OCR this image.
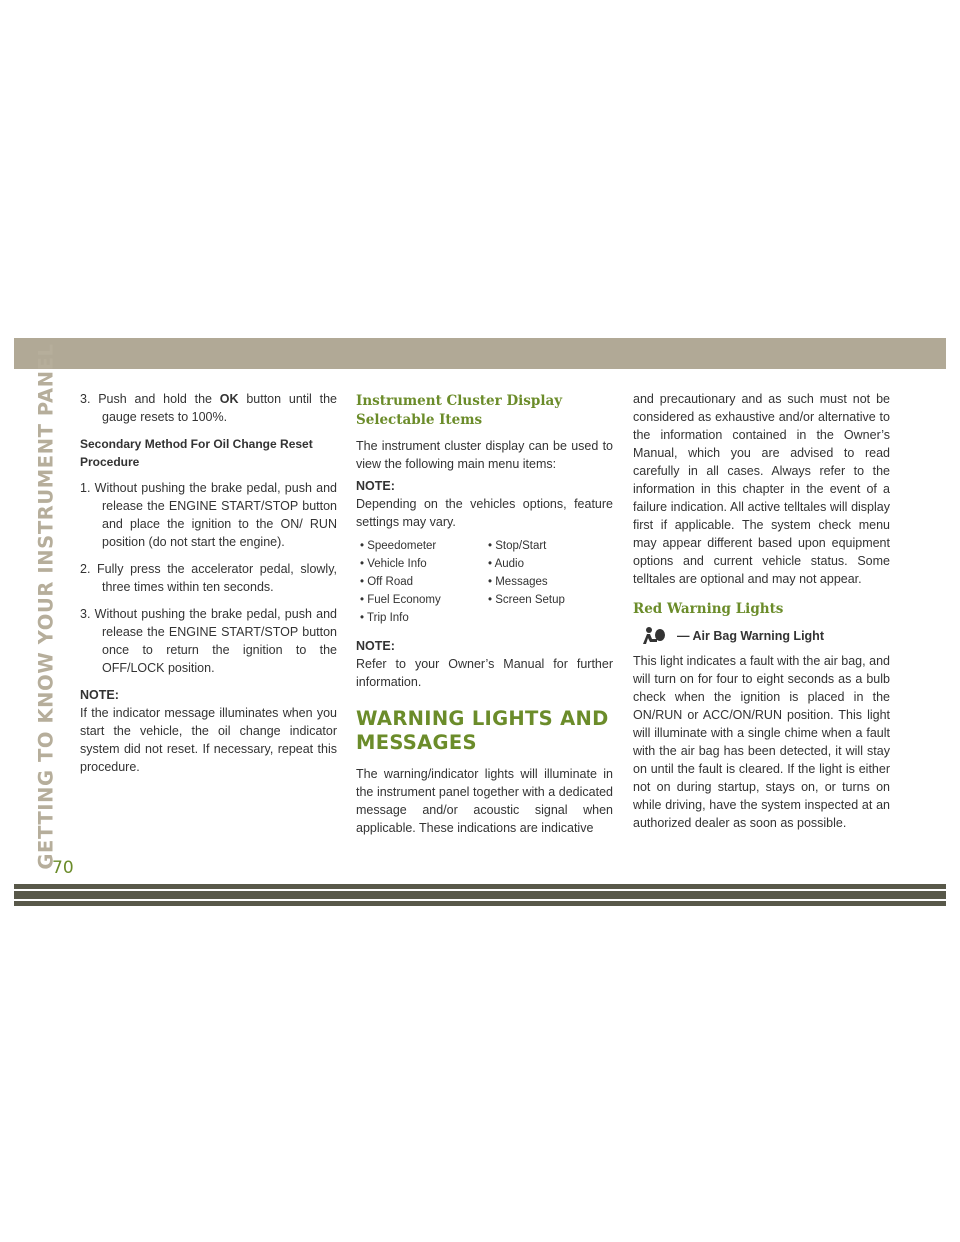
GETTING TO KNOW YOUR INSTRUMENT PANEL 3. Push and hold the OK button until the gauge resets to 100%.

Secondary Method For Oil Change Reset Procedure

1. Without pushing the brake pedal, push and release the ENGINE START/STOP button and place the ignition to the ON/ RUN position (do not start the engine).

2. Fully press the accelerator pedal, slowly, three times within ten seconds.

3. Without pushing the brake pedal, push and release the ENGINE START/STOP button once to return the ignition to the OFF/LOCK position.

NOTE:

If the indicator message illuminates when you start the vehicle, the oil change indicator system did not reset. If necessary, repeat this procedure.

Instrument Cluster Display Selectable Items

The instrument cluster display can be used to view the following main menu items:

NOTE:

Depending on the vehicles options, feature settings may vary.

• Speedometer	• Stop/Start
• Vehicle Info	• Audio
• Off Road	• Messages
• Fuel Economy	• Screen Setup
• Trip Info

NOTE:

Refer to your Owner’s Manual for further information.

WARNING LIGHTS AND MESSAGES

The warning/indicator lights will illuminate in the instrument panel together with a dedicated message and/or acoustic signal when applicable. These indications are indicative

and precautionary and as such must not be considered as exhaustive and/or alternative to the information contained in the Owner’s Manual, which you are advised to read carefully in all cases. Always refer to the information in this chapter in the event of a failure indication. All active telltales will display first if applicable. The system check menu may appear different based upon equipment options and current vehicle status. Some telltales are optional and may not appear.

Red Warning Lights

— Air Bag Warning Light

This light indicates a fault with the air bag, and will turn on for four to eight seconds as a bulb check when the ignition is placed in the ON/RUN or ACC/ON/RUN position. This light will illuminate with a single chime when a fault with the air bag has been detected, it will stay on until the fault is cleared. If the light is either not on during startup, stays on, or turns on while driving, have the system inspected at an authorized dealer as soon as possible.

70
